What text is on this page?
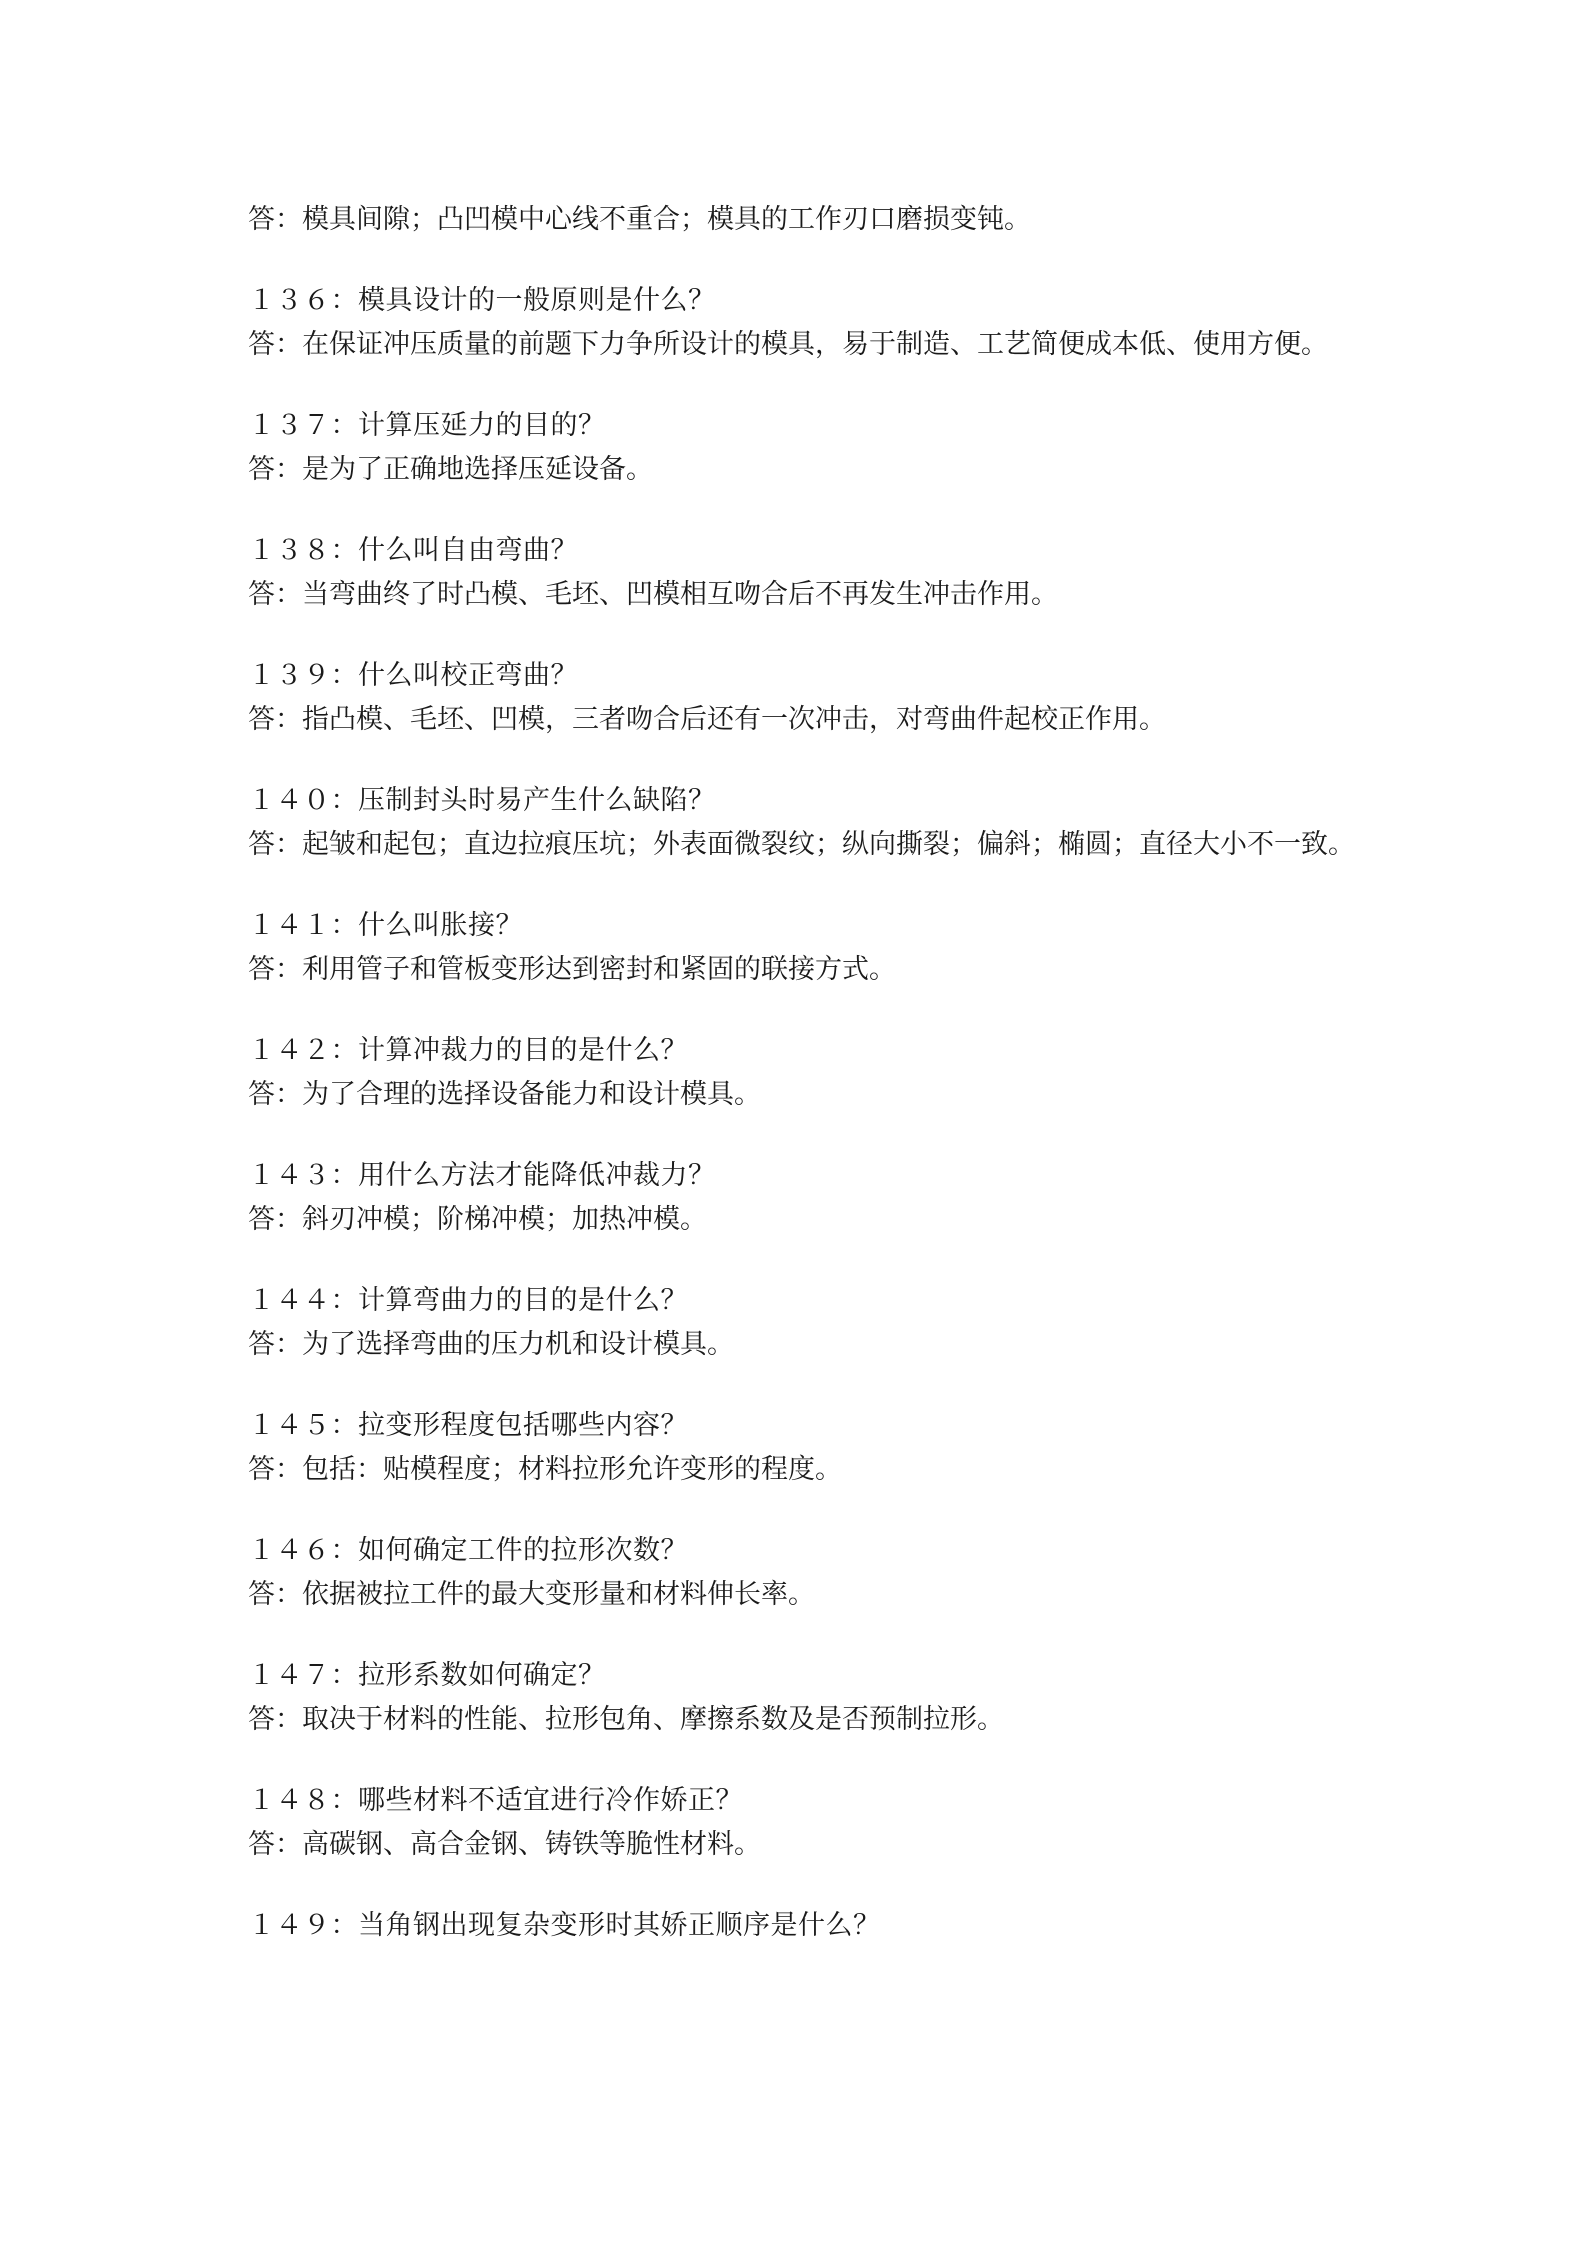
答：模具间隙；凸凹模中心线不重合；模具的工作刃口磨损变钝。
１３６：模具设计的一般原则是什么？
答：在保证冲压质量的前题下力争所设计的模具，易于制造、工艺简便成本低、使用方便。
１３７：计算压延力的目的？
答：是为了正确地选择压延设备。
１３８：什么叫自由弯曲？
答：当弯曲终了时凸模、毛坯、凹模相互吻合后不再发生冲击作用。
１３９：什么叫校正弯曲？
答：指凸模、毛坯、凹模，三者吻合后还有一次冲击，对弯曲件起校正作用。
１４０：压制封头时易产生什么缺陷？
答：起皱和起包；直边拉痕压坑；外表面微裂纹；纵向撕裂；偏斜；椭圆；直径大小不一致。
１４１：什么叫胀接？
答：利用管子和管板变形达到密封和紧固的联接方式。
１４２：计算冲裁力的目的是什么？
答：为了合理的选择设备能力和设计模具。
１４３：用什么方法才能降低冲裁力？
答：斜刃冲模；阶梯冲模；加热冲模。
１４４：计算弯曲力的目的是什么？
答：为了选择弯曲的压力机和设计模具。
１４５：拉变形程度包括哪些内容？
答：包括：贴模程度；材料拉形允许变形的程度。
１４６：如何确定工件的拉形次数？
答：依据被拉工件的最大变形量和材料伸长率。
１４７：拉形系数如何确定？
答：取决于材料的性能、拉形包角、摩擦系数及是否预制拉形。
１４８：哪些材料不适宜进行冷作娇正？
答：高碳钢、高合金钢、铸铁等脆性材料。
１４９：当角钢出现复杂变形时其娇正顺序是什么？
